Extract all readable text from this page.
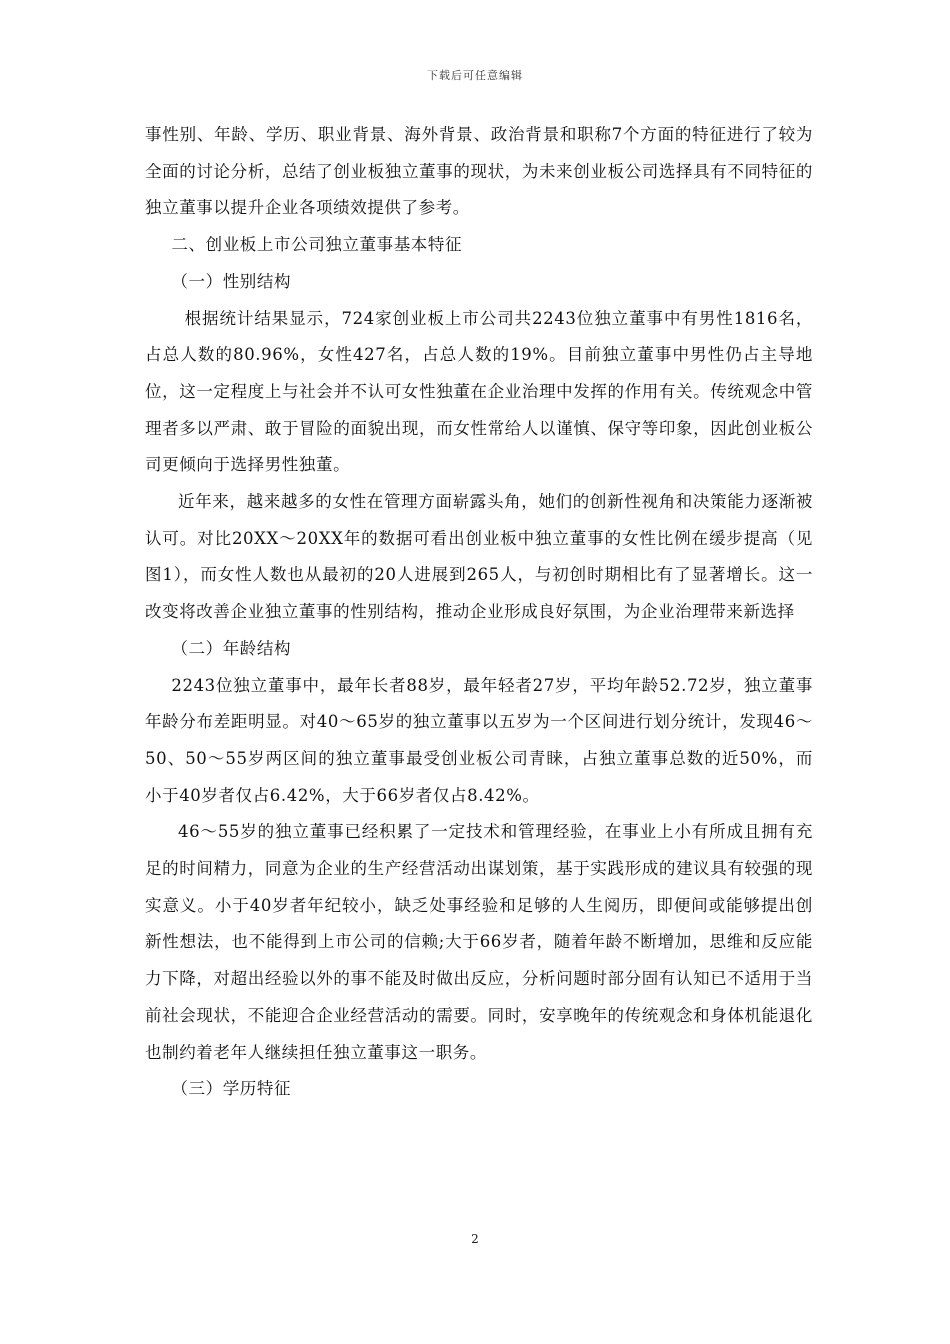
下载后可任意编辑

事性别、年龄、学历、职业背景、海外背景、政治背景和职称7个方面的特征进行了较为全面的讨论分析，总结了创业板独立董事的现状，为未来创业板公司选择具有不同特征的独立董事以提升企业各项绩效提供了参考。

二、创业板上市公司独立董事基本特征

（一）性别结构

根据统计结果显示，724家创业板上市公司共2243位独立董事中有男性1816名，占总人数的80.96%，女性427名，占总人数的19%。目前独立董事中男性仍占主导地位，这一定程度上与社会并不认可女性独董在企业治理中发挥的作用有关。传统观念中管理者多以严肃、敢于冒险的面貌出现，而女性常给人以谨慎、保守等印象，因此创业板公司更倾向于选择男性独董。

近年来，越来越多的女性在管理方面崭露头角，她们的创新性视角和决策能力逐渐被认可。对比20XX～20XX年的数据可看出创业板中独立董事的女性比例在缓步提高（见图1），而女性人数也从最初的20人进展到265人，与初创时期相比有了显著增长。这一改变将改善企业独立董事的性别结构，推动企业形成良好氛围，为企业治理带来新选择

（二）年龄结构

2243位独立董事中，最年长者88岁，最年轻者27岁，平均年龄52.72岁，独立董事年龄分布差距明显。对40～65岁的独立董事以五岁为一个区间进行划分统计，发现46～50、50～55岁两区间的独立董事最受创业板公司青睐，占独立董事总数的近50%，而小于40岁者仅占6.42%，大于66岁者仅占8.42%。

46～55岁的独立董事已经积累了一定技术和管理经验，在事业上小有所成且拥有充足的时间精力，同意为企业的生产经营活动出谋划策，基于实践形成的建议具有较强的现实意义。小于40岁者年纪较小，缺乏处事经验和足够的人生阅历，即便间或能够提出创新性想法，也不能得到上市公司的信赖;大于66岁者，随着年龄不断增加，思维和反应能力下降，对超出经验以外的事不能及时做出反应，分析问题时部分固有认知已不适用于当前社会现状，不能迎合企业经营活动的需要。同时，安享晚年的传统观念和身体机能退化也制约着老年人继续担任独立董事这一职务。

（三）学历特征

2
